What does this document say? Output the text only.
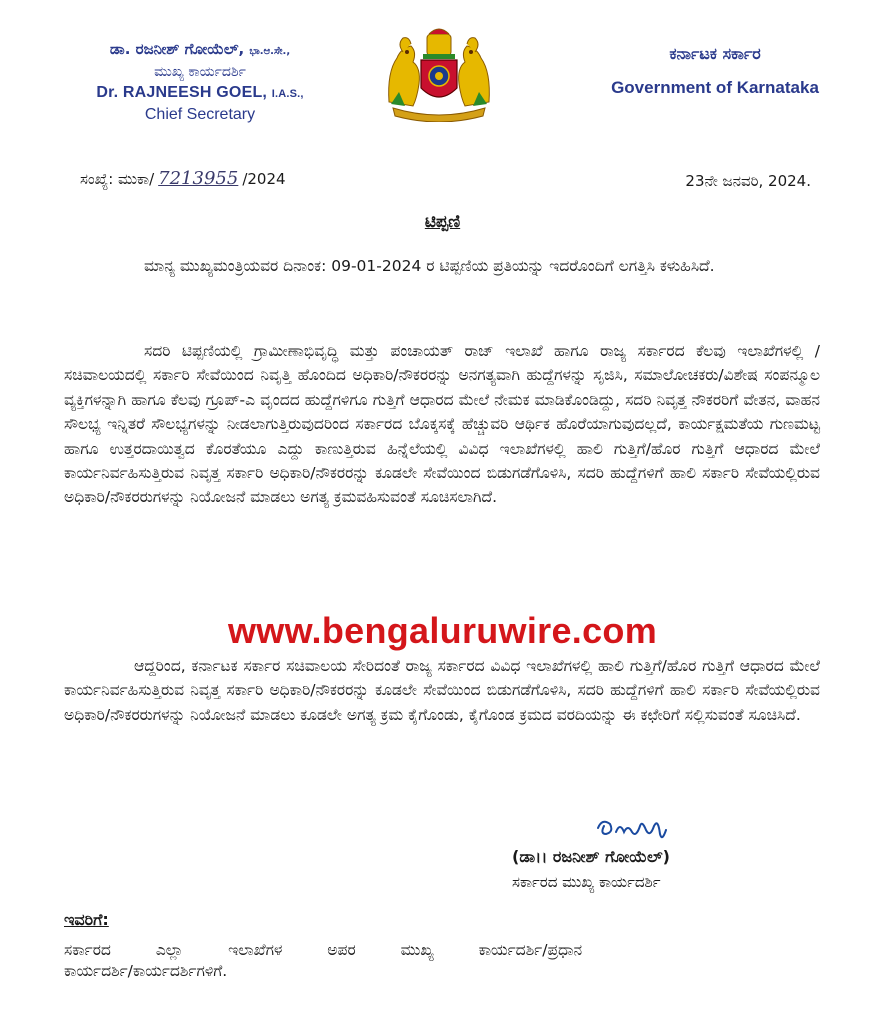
ಡಾ. ರಜನೀಶ್ ಗೋಯೆಲ್, ಭಾ.ಆ.ಸೇ.,
ಮುಖ್ಯ ಕಾರ್ಯದರ್ಶಿ
Dr. RAJNEESH GOEL, I.A.S.,
Chief Secretary
ಕರ್ನಾಟಕ ಸರ್ಕಾರ
Government of Karnataka
ಸಂಖ್ಯೆ: ಮುಕಾ/ 7213955 /2024	23ನೇ ಜನವರಿ, 2024.
ಟಿಪ್ಪಣಿ
ಮಾನ್ಯ ಮುಖ್ಯಮಂತ್ರಿಯವರ ದಿನಾಂಕ: 09-01-2024 ರ ಟಿಪ್ಪಣಿಯ ಪ್ರತಿಯನ್ನು ಇದರೊಂದಿಗೆ ಲಗತ್ತಿಸಿ ಕಳುಹಿಸಿದೆ.
ಸದರಿ ಟಿಪ್ಪಣಿಯಲ್ಲಿ ಗ್ರಾಮೀಣಾಭಿವೃದ್ಧಿ ಮತ್ತು ಪಂಚಾಯತ್ ರಾಜ್ ಇಲಾಖೆ ಹಾಗೂ ರಾಜ್ಯ ಸರ್ಕಾರದ ಕೆಲವು ಇಲಾಖೆಗಳಲ್ಲಿ / ಸಚಿವಾಲಯದಲ್ಲಿ ಸರ್ಕಾರಿ ಸೇವೆಯಿಂದ ನಿವೃತ್ತಿ ಹೊಂದಿದ ಅಧಿಕಾರಿ/ನೌಕರರನ್ನು ಅನಗತ್ಯವಾಗಿ ಹುದ್ದೆಗಳನ್ನು ಸೃಜಿಸಿ, ಸಮಾಲೋಚಕರು/ವಿಶೇಷ ಸಂಪನ್ಮೂಲ ವ್ಯಕ್ತಿಗಳನ್ನಾಗಿ ಹಾಗೂ ಕೆಲವು ಗ್ರೂಪ್-ಎ ವೃಂದದ ಹುದ್ದೆಗಳಿಗೂ ಗುತ್ತಿಗೆ ಆಧಾರದ ಮೇಲೆ ನೇಮಕ ಮಾಡಿಕೊಂಡಿದ್ದು, ಸದರಿ ನಿವೃತ್ತ ನೌಕರರಿಗೆ ವೇತನ, ವಾಹನ ಸೌಲಭ್ಯ ಇನ್ನಿತರೆ ಸೌಲಭ್ಯಗಳನ್ನು ನೀಡಲಾಗುತ್ತಿರುವುದರಿಂದ ಸರ್ಕಾರದ ಬೊಕ್ಕಸಕ್ಕೆ ಹೆಚ್ಚುವರಿ ಆರ್ಥಿಕ ಹೊರೆಯಾಗುವುದಲ್ಲದೆ, ಕಾರ್ಯಕ್ಷಮತೆಯ ಗುಣಮಟ್ಟ ಹಾಗೂ ಉತ್ತರದಾಯಿತ್ವದ ಕೊರತೆಯೂ ಎದ್ದು ಕಾಣುತ್ತಿರುವ ಹಿನ್ನೆಲೆಯಲ್ಲಿ ವಿವಿಧ ಇಲಾಖೆಗಳಲ್ಲಿ ಹಾಲಿ ಗುತ್ತಿಗೆ/ಹೊರ ಗುತ್ತಿಗೆ ಆಧಾರದ ಮೇಲೆ ಕಾರ್ಯನಿರ್ವಹಿಸುತ್ತಿರುವ ನಿವೃತ್ತ ಸರ್ಕಾರಿ ಅಧಿಕಾರಿ/ನೌಕರರನ್ನು ಕೂಡಲೇ ಸೇವೆಯಿಂದ ಬಿಡುಗಡೆಗೊಳಿಸಿ, ಸದರಿ ಹುದ್ದೆಗಳಿಗೆ ಹಾಲಿ ಸರ್ಕಾರಿ ಸೇವೆಯಲ್ಲಿರುವ ಅಧಿಕಾರಿ/ನೌಕರರುಗಳನ್ನು ನಿಯೋಜನೆ ಮಾಡಲು ಅಗತ್ಯ ಕ್ರಮವಹಿಸುವಂತೆ ಸೂಚಿಸಲಾಗಿದೆ.
www.bengaluruwire.com
ಆದ್ದರಿಂದ, ಕರ್ನಾಟಕ ಸರ್ಕಾರ ಸಚಿವಾಲಯ ಸೇರಿದಂತೆ ರಾಜ್ಯ ಸರ್ಕಾರದ ವಿವಿಧ ಇಲಾಖೆಗಳಲ್ಲಿ ಹಾಲಿ ಗುತ್ತಿಗೆ/ಹೊರ ಗುತ್ತಿಗೆ ಆಧಾರದ ಮೇಲೆ ಕಾರ್ಯನಿರ್ವಹಿಸುತ್ತಿರುವ ನಿವೃತ್ತ ಸರ್ಕಾರಿ ಅಧಿಕಾರಿ/ನೌಕರರನ್ನು ಕೂಡಲೇ ಸೇವೆಯಿಂದ ಬಿಡುಗಡೆಗೊಳಿಸಿ, ಸದರಿ ಹುದ್ದೆಗಳಿಗೆ ಹಾಲಿ ಸರ್ಕಾರಿ ಸೇವೆಯಲ್ಲಿರುವ ಅಧಿಕಾರಿ/ನೌಕರರುಗಳನ್ನು ನಿಯೋಜನೆ ಮಾಡಲು ಕೂಡಲೇ ಅಗತ್ಯ ಕ್ರಮ ಕೈಗೊಂಡು, ಕೈಗೊಂಡ ಕ್ರಮದ ವರದಿಯನ್ನು ಈ ಕಛೇರಿಗೆ ಸಲ್ಲಿಸುವಂತೆ ಸೂಚಿಸಿದೆ.
(ಡಾ।। ರಜನೀಶ್ ಗೋಯೆಲ್)
ಸರ್ಕಾರದ ಮುಖ್ಯ ಕಾರ್ಯದರ್ಶಿ
ಇವರಿಗೆ:
ಸರ್ಕಾರದ ಎಲ್ಲಾ ಇಲಾಖೆಗಳ ಅಪರ ಮುಖ್ಯ ಕಾರ್ಯದರ್ಶಿ/ಪ್ರಧಾನ
ಕಾರ್ಯದರ್ಶಿ/ಕಾರ್ಯದರ್ಶಿಗಳಿಗೆ.
